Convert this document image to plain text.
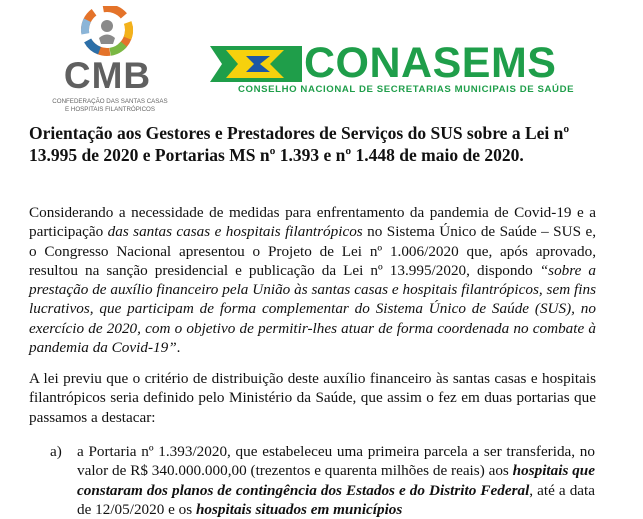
CMB
CONFEDERAÇÃO DAS SANTAS CASAS
E HOSPITAIS FILANTRÓPICOS
CONASEMS
CONSELHO NACIONAL DE SECRETARIAS MUNICIPAIS DE SAÚDE
Orientação aos Gestores e Prestadores de Serviços do SUS sobre a Lei nº 13.995 de 2020 e Portarias MS nº 1.393 e nº 1.448 de maio de 2020.

Considerando a necessidade de medidas para enfrentamento da pandemia de Covid-19 e a participação das santas casas e hospitais filantrópicos no Sistema Único de Saúde – SUS e, o Congresso Nacional apresentou o Projeto de Lei nº 1.006/2020 que, após aprovado, resultou na sanção presidencial e publicação da Lei nº 13.995/2020, dispondo “sobre a prestação de auxílio financeiro pela União às santas casas e hospitais filantrópicos, sem fins lucrativos, que participam de forma complementar do Sistema Único de Saúde (SUS), no exercício de 2020, com o objetivo de permitir-lhes atuar de forma coordenada no combate à pandemia da Covid-19”.

A lei previu que o critério de distribuição deste auxílio financeiro às santas casas e hospitais filantrópicos seria definido pelo Ministério da Saúde, que assim o fez em duas portarias que passamos a destacar:

a) a Portaria nº 1.393/2020, que estabeleceu uma primeira parcela a ser transferida, no valor de R$ 340.000.000,00 (trezentos e quarenta milhões de reais) aos hospitais que constaram dos planos de contingência dos Estados e do Distrito Federal, até a data de 12/05/2020 e os hospitais situados em municípios
